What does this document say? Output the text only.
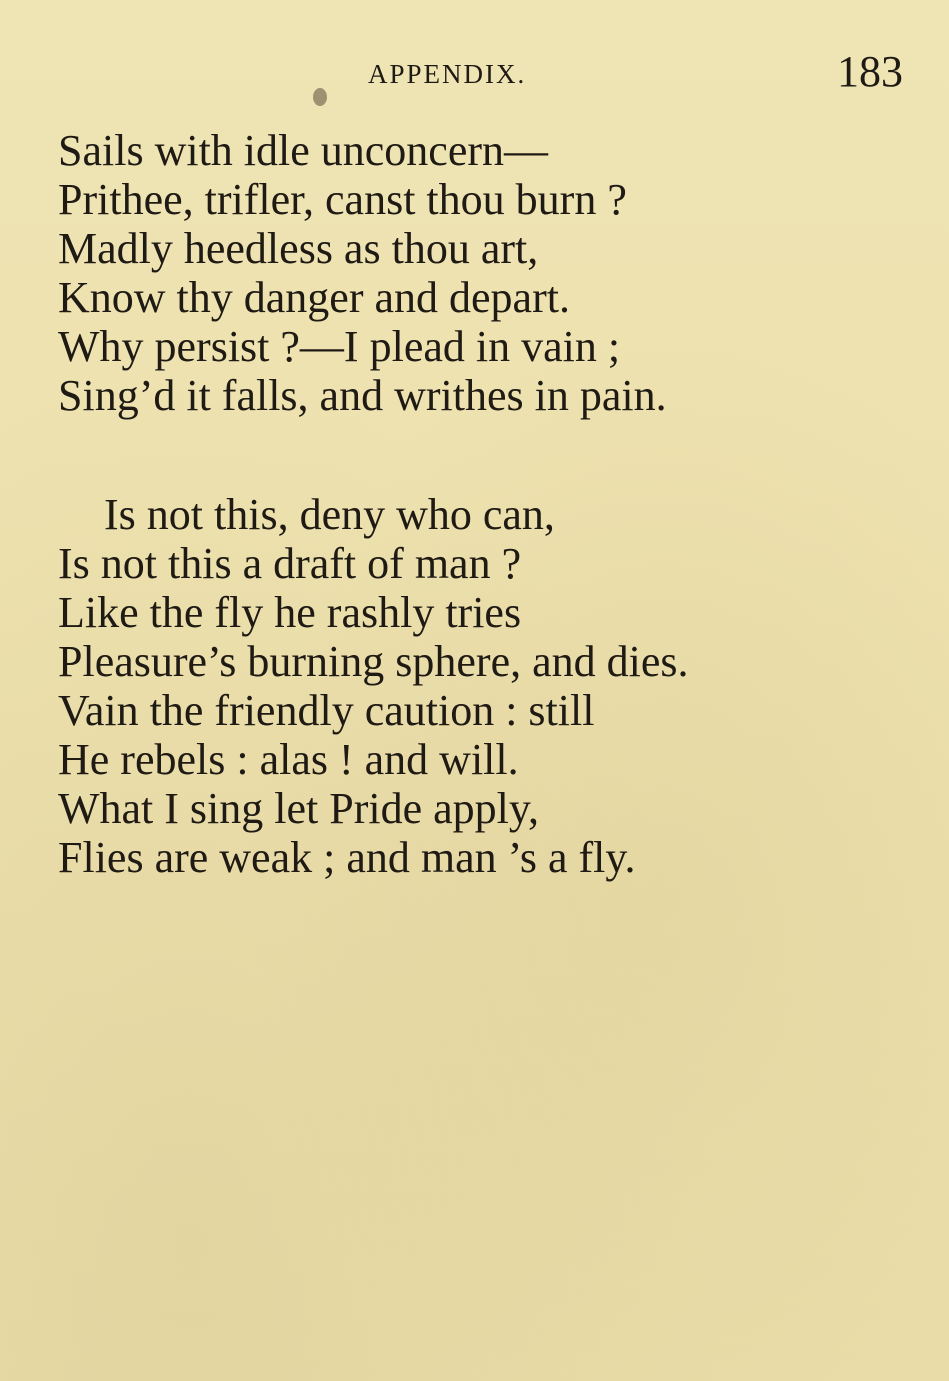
APPENDIX.	183
Sails with idle unconcern—
Prithee, trifler, canst thou burn ?
Madly heedless as thou art,
Know thy danger and depart.
Why persist ?—I plead in vain ;
Sing’d it falls, and writhes in pain.
Is not this, deny who can,
Is not this a draft of man ?
Like the fly he rashly tries
Pleasure’s burning sphere, and dies.
Vain the friendly caution : still
He rebels : alas ! and will.
What I sing let Pride apply,
Flies are weak ; and man ’s a fly.
